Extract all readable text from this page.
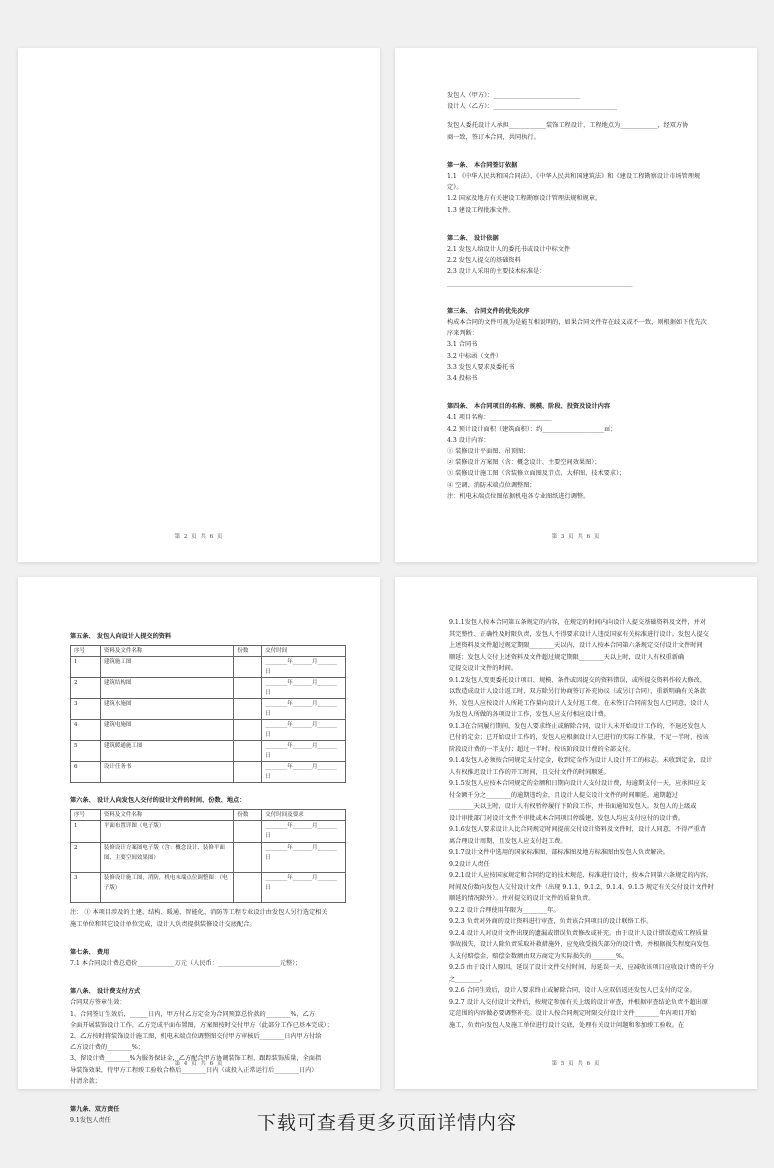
第 2 页 共 6 页
发包人（甲方）：____________________________
设计人（乙方）：________________________________________
发包人委托设计人承担____________装饰工程设计，工程地点为____________，经双方协
商一致，签订本合同，共同执行。
第一条、 本合同签订依据
1.1 《中华人民共和国合同法》、《中华人民共和国建筑法》和《建设工程勘察设计市场管理规
定》。
1.2 国家及地方有关建设工程勘察设计管理法规和规章。
1.3 建设工程批准文件。
第二条、 设计依据
2.1 发包人给设计人的委托书或设计中标文件
2.2 发包人提交的基础资料
2.3 设计人采用的主要技术标准是：
____________________________________________________________
第三条、 合同文件的优先次序
构成本合同的文件可视为是能互相说明的，如果合同文件存在歧义或不一致，则根据如下优先次
序来判断：
3.1 合同书
3.2 中标函（文件）
3.3 发包人要求及委托书
3.4 投标书
第四条、 本合同项目的名称、规模、阶段、投资及设计内容
4.1 项目名称：____________________
4.2 预计设计面积（建筑面积）：约____________________㎡；
4.3 设计内容：
① 装修设计平面图、吊顶图；
② 装修设计方案图（含：概念设计、主要空间效果图）；
③ 装修设计施工图（含装修立面图及节点、大样图、技术要求）；
④ 空调、消防末端点位调整图；
注：机电末端点位图依据机电各专业图纸进行调整。
第 3 页 共 6 页
第五条、 发包人向设计人提交的资料
序号	资料及文件名称	份数	交付时间
1	建筑施工图		________年_______月_______日
2	建筑结构图		________年_______月_______日
3	建筑水施图		________年_______月_______日
4	建筑电施图		________年_______月_______日
5	建筑暖通施工图		________年_______月_______日
6	设计任务书		________年_______月_______日
第六条、 设计人向发包人交付的设计文件的时间、份数、地点：
序号	资料及文件名称	份数	交付时间及要求
1	平面布置详图（电子版）		________年_______月_______日
2	装修设计方案图电子版（含：概念设计、装修平面图、主要空间效果图）		________年_______月_______日
3	装修设计施工图，消防，机电末端点位调整图：（电子版）		________年_______月_______日
注： ① 本项目涉及的土建、结构、暖通、智能化、消防等工程专业设计由发包人另行选定相关
施工单位和其它设计单位完成，设计人负责提供装修设计交底配合。
第七条、 费用
7.1 本合同设计费总造价____________万元（人民币：____________________元整）；
第八条、 设计费支付方式
合同双方签章生效：
1、合同签订生效后，______日内，甲方付乙方定金为合同预算总价款的________%，乙方
全面开展装饰设计工作，乙方完成平面布置图，方案图按时交付甲方（此部分工作已基本完成）；
2、乙方按时将装饰设计施工图，机电末端点位调整图交付甲方审核后________日内甲方付给
乙方设计费的________%；
3、留设计费________%为服务保证金，乙方配合甲方协调装饰工程，跟踪装饰质量，全面指
导装饰效果，待甲方工程竣工验收合格后________日内（或投入正常运行后________日内）
付清余款；
第九条、双方责任
9.1发包人责任
第 4 页 共 6 页
9.1.1发包人按本合同第五条规定的内容，在规定的时间内向设计人提交基础资料及文件，并对
其完整性、正确性及时限负责，发包人不得要求设计人违反国家有关标准进行设计。发包人提交
上述资料及文件超过规定期限________天以内，设计人按本合同第六条规定交付设计文件时间
顺延；发包人交付上述资料及文件超过规定期限________天以上时，设计人有权重新确
定提交设计文件的时间。
9.1.2发包人变更委托设计项目、规模、条件或因提交的资料错误，或所提交资料作较大修改，
以致造成设计人设计返工时，双方除另行协商签订补充协议（或另订合同），重新明确有关条款
外，发包人应按设计人所耗工作量向设计人支付返工费。在未签订合同前发包人已同意，设计人
为发包人所做的各项设计工作，发包人应支付相应设计费。
9.1.3在合同履行期间，发包人要求终止或解除合同，设计人未开始设计工作的，不退还发包人
已付的定金；已开始设计工作的，发包人应根据设计人已进行的实际工作量，不足一半时，按该
阶段设计费的一半支付；超过一半时，按该阶段设计费的全部支付。
9.1.4发包人必须按合同规定支付定金，收到定金作为设计人设计开工的标志。未收到定金，设计
人有权推迟设计工作的开工时间，且交付文件的时间顺延。
9.1.5发包人应按本合同规定的金额和日期向设计人支付设计费，每逾期支付一天，应承担应支
付金额千分之________的逾期违约金，且设计人提交设计文件的时间顺延。逾期超过
________天以上时，设计人有权暂停履行下阶段工作，并书面通知发包人。发包人的上级或
设计审批部门对设计文件不审批或本合同项目停缓建，发包人均应支付应付的设计费。
9.1.6发包人要求设计人比合同规定时间提前交付设计资料及文件时，设计人同意，不得严重背
离合理设计周期，且发包人应支付赶工费。
9.1.7设计文件中选用的国家标准图、部标准图及地方标准图由发包人负责解决。
9.2设计人责任
9.2.1设计人应按国家规定和合同约定的技术规范、标准进行设计，按本合同第六条规定的内容，
时间及份数向发包人交付设计文件（出现 9.1.1、9.1.2、9.1.4、9.1.5 规定有关交付设计文件时
顺延的情况除外）。并对提交的设计文件的质量负责。
9.2.2 设计合理使用年限为________年。
9.2.3 负责对外商的设计资料进行审查，负责该合同项目的设计联络工作。
9.2.4 设计人对设计文件出现的遗漏或错误负责修改或补充。由于设计人设计错误造成工程质量
事故损失，设计人除负责采取补救措施外，应免收受损失部分的设计费，并根据损失程度向发包
人支付赔偿金，赔偿金数额由双方商定为实际损失的________%。
9.2.5 由于设计人原因，延误了设计文件交付时间，每延误一天，应减收该项目应收设计费的千分
之________。
9.2.6 合同生效后，设计人要求终止或解除合同，设计人应双倍返还发包人已支付的定金。
9.2.7 设计人交付设计文件后，按规定参加有关上级的设计审查，并根据审查结论负责不超出原
定范围的内容做必要调整补充。设计人按合同规定时限交付设计文件________年内项目开始
施工，负责向发包人及施工单位进行设计交底，处理有关设计问题和参加竣工验收。在
第 5 页 共 6 页
下载可查看更多页面详情内容
